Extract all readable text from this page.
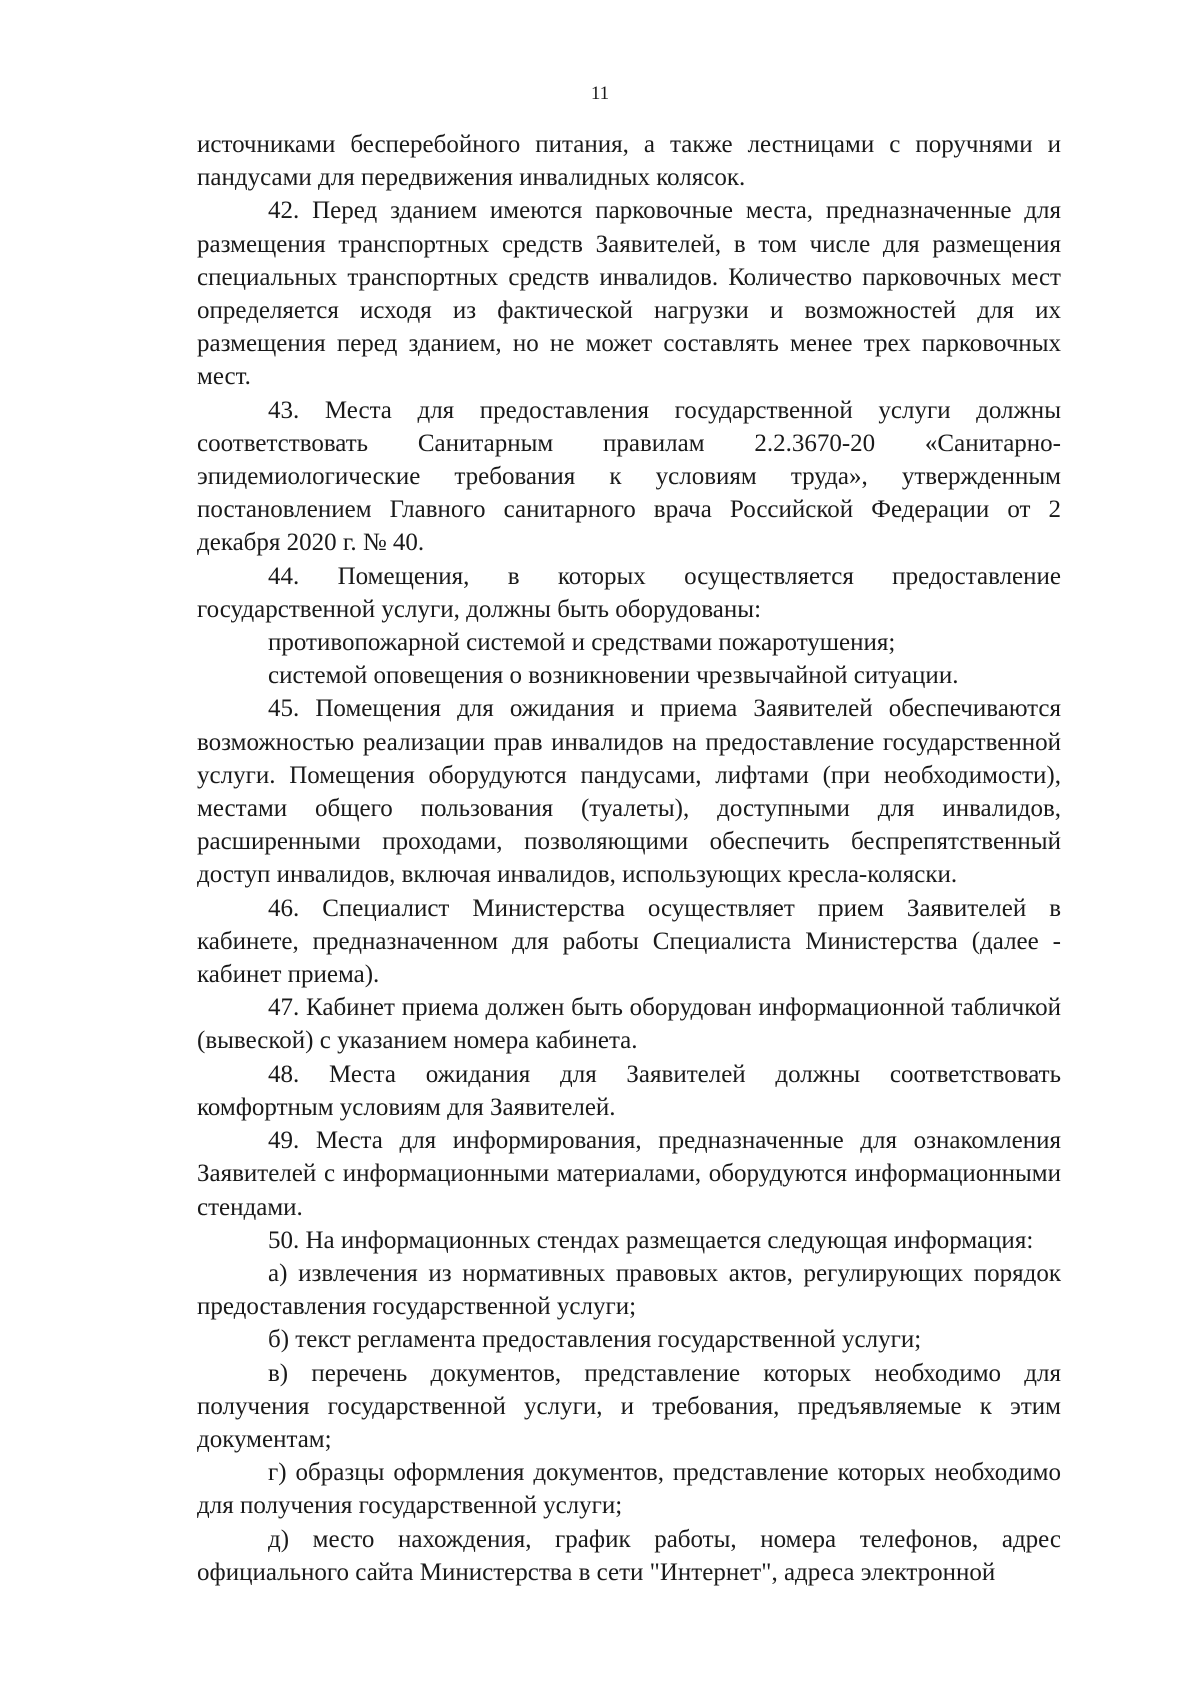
11

источниками бесперебойного питания, а также лестницами с поручнями и пандусами для передвижения инвалидных колясок.

42. Перед зданием имеются парковочные места, предназначенные для размещения транспортных средств Заявителей, в том числе для размещения специальных транспортных средств инвалидов. Количество парковочных мест определяется исходя из фактической нагрузки и возможностей для их размещения перед зданием, но не может составлять менее трех парковочных мест.

43. Места для предоставления государственной услуги должны соответствовать Санитарным правилам 2.2.3670-20 «Санитарно-эпидемиологические требования к условиям труда», утвержденным постановлением Главного санитарного врача Российской Федерации от 2 декабря 2020 г. № 40.

44. Помещения, в которых осуществляется предоставление государственной услуги, должны быть оборудованы:

противопожарной системой и средствами пожаротушения;

системой оповещения о возникновении чрезвычайной ситуации.

45. Помещения для ожидания и приема Заявителей обеспечиваются возможностью реализации прав инвалидов на предоставление государственной услуги. Помещения оборудуются пандусами, лифтами (при необходимости), местами общего пользования (туалеты), доступными для инвалидов, расширенными проходами, позволяющими обеспечить беспрепятственный доступ инвалидов, включая инвалидов, использующих кресла-коляски.

46. Специалист Министерства осуществляет прием Заявителей в кабинете, предназначенном для работы Специалиста Министерства (далее - кабинет приема).

47. Кабинет приема должен быть оборудован информационной табличкой (вывеской) с указанием номера кабинета.

48. Места ожидания для Заявителей должны соответствовать комфортным условиям для Заявителей.

49. Места для информирования, предназначенные для ознакомления Заявителей с информационными материалами, оборудуются информационными стендами.

50. На информационных стендах размещается следующая информация:

а) извлечения из нормативных правовых актов, регулирующих порядок предоставления государственной услуги;

б) текст регламента предоставления государственной услуги;

в) перечень документов, представление которых необходимо для получения государственной услуги, и требования, предъявляемые к этим документам;

г) образцы оформления документов, представление которых необходимо для получения государственной услуги;

д) место нахождения, график работы, номера телефонов, адрес официального сайта Министерства в сети "Интернет", адреса электронной
